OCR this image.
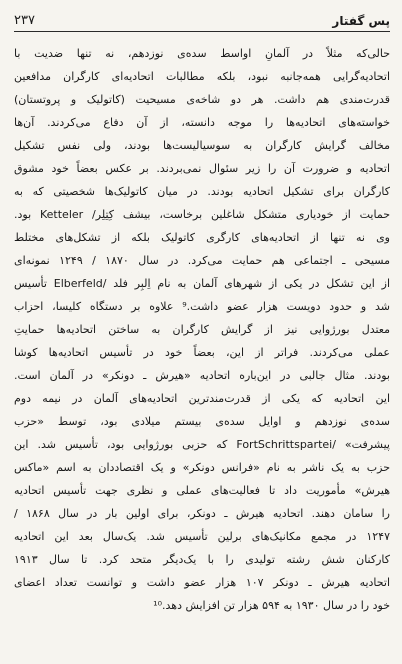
۲۳۷	پس گفتار
حالی‌که مثلاً در آلمانِ اواسط سده‌ی نوزدهم، نه تنها ضدیت با
اتحادیه‌گرایی همه‌جانبه نبود، بلکه مطالبات اتحادیه‌ای کارگران مدافعین
قدرت‌مندی هم داشت. هر دو شاخه‌ی مسیحیت (کاتولیک و پروتستان)
خواسته‌های اتحادیه‌ها را موجه دانسته، از آن دفاع می‌کردند. آن‌ها
مخالف گرایش کارگران به سوسیالیست‌ها بودند، ولی نفس تشکیل
اتحادیه و ضرورت آن را زیر سئوال نمی‌بردند. بر عکس بعضاً خود مشوق
کارگران برای تشکیل اتحادیه بودند. در میان کاتولیک‌ها شخصیتی که به
حمایت از خودیاری متشکل شاغلین برخاست، بیشف کِتِلِر/ Ketteler بود.
وی نه تنها از اتحادیه‌های کارگری کاتولیک بلکه از تشکل‌های مختلط
مسیحی ـ اجتماعی هم حمایت می‌کرد. در سال ۱۸۷۰ / ۱۲۴۹ نمونه‌ای
از این تشکل در یکی از شهرهای آلمان به نام اِلبِر فلد /Elberfeld تأسیس
شد و حدود دویست هزار عضو داشت.⁹ علاوه بر دستگاه کلیسا، احزاب
معتدل بورژوایی نیز از گرایش کارگران به ساختن اتحادیه‌ها حمایتِ
عملی می‌کردند. فراتر از این، بعضاً خود در تأسیس اتحادیه‌ها کوشا
بودند. مثال جالبی در این‌باره اتحادیه «هیرش ـ دونکر» در آلمان است.
این اتحادیه که یکی از قدرت‌مندترین اتحادیه‌های آلمان در نیمه دوم
سده‌ی نوزدهم و اوایل سده‌ی بیستم میلادی بود، توسط «حزب
پیشرفت» /FortSchrittspartei که حزبی بورژوایی بود، تأسیس شد. این
حزب به یک ناشر به نام «فرانس دونکر» و یک اقتصاددان به اسم «ماکس
هیرش» مأموریت داد تا فعالیت‌های عملی و نظری جهت تأسیس اتحادیه
را سامان دهند. اتحادیه هیرش ـ دونکر، برای اولین بار در سال ۱۸۶۸ /
۱۲۴۷ در مجمع مکانیک‌های برلین تأسیس شد. یک‌سال بعد این اتحادیه
کارکنان شش رشته تولیدی را با یک‌دیگر متحد کرد. تا سال ۱۹۱۳
اتحادیه هیرش ـ دونکر ۱۰۷ هزار عضو داشت و توانست تعداد اعضای
خود را در سال ۱۹۳۰ به ۵۹۴ هزار تن افزایش دهد.¹⁰
